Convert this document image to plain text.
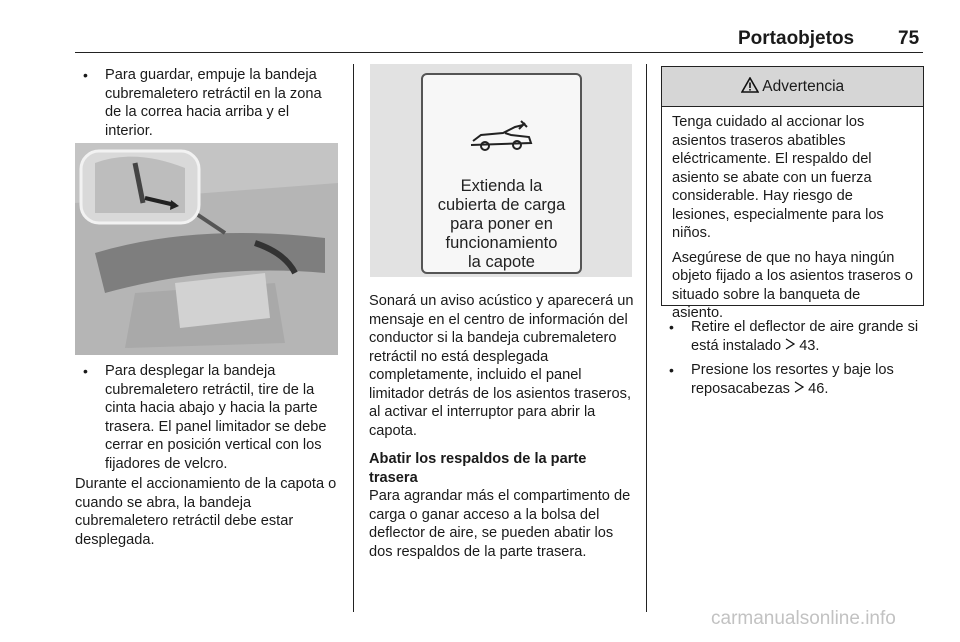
Portaobjetos 75
• Para guardar, empuje la bandeja cubremaletero retráctil en la zona de la correa hacia arriba y el interior.
• Para desplegar la bandeja cubremaletero retráctil, tire de la cinta hacia abajo y hacia la parte trasera. El panel limitador se debe cerrar en posición vertical con los fijadores de velcro.

Durante el accionamiento de la capota o cuando se abra, la bandeja cubremaletero retráctil debe estar desplegada.

Extienda la
cubierta de carga
para poner en
funcionamiento
la capote

Sonará un aviso acústico y aparecerá un mensaje en el centro de información del conductor si la bandeja cubremaletero retráctil no está desplegada completamente, incluido el panel limitador detrás de los asientos traseros, al activar el interruptor para abrir la capota.

Abatir los respaldos de la parte trasera

Para agrandar más el compartimento de carga o ganar acceso a la bolsa del deflector de aire, se pueden abatir los dos respaldos de la parte trasera.

Advertencia

Tenga cuidado al accionar los asientos traseros abatibles eléctricamente. El respaldo del asiento se abate con un fuerza considerable. Hay riesgo de lesiones, especialmente para los niños.

Asegúrese de que no haya ningún objeto fijado a los asientos traseros o situado sobre la banqueta de asiento.

• Retire el deflector de aire grande si está instalado 43.
• Presione los resortes y baje los reposacabezas 46.
carmanualsonline.info
